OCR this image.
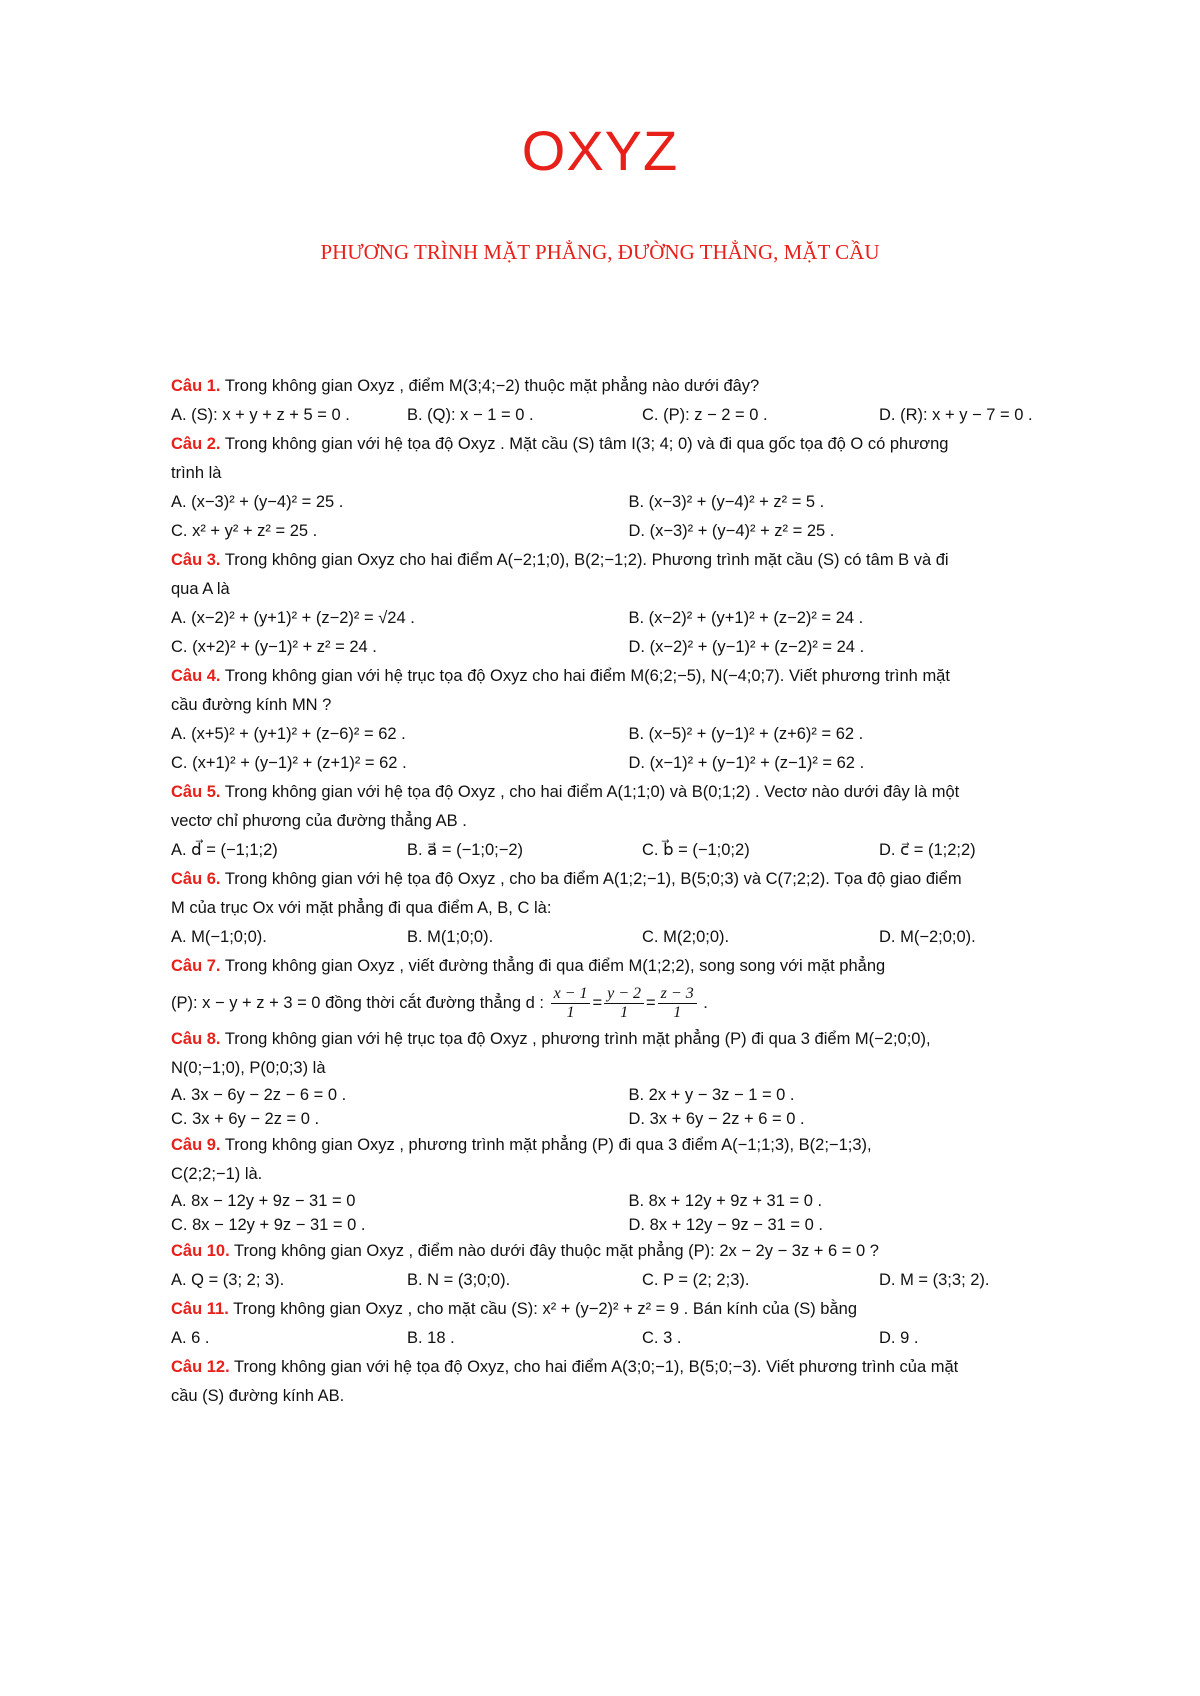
OXYZ
PHƯƠNG TRÌNH MẶT PHẲNG, ĐƯỜNG THẲNG, MẶT CẦU
Câu 1. Trong không gian Oxyz , điểm M(3;4;−2) thuộc mặt phẳng nào dưới đây?
A. (S): x + y + z + 5 = 0 .	B. (Q): x − 1 = 0 .	C. (P): z − 2 = 0 .	D. (R): x + y − 7 = 0 .
Câu 2. Trong không gian với hệ tọa độ Oxyz . Mặt cầu (S) tâm I(3; 4; 0) và đi qua gốc tọa độ O có phương
trình là
A. (x−3)² + (y−4)² = 25 .	B. (x−3)² + (y−4)² + z² = 5 .
C. x² + y² + z² = 25 .	D. (x−3)² + (y−4)² + z² = 25 .
Câu 3. Trong không gian Oxyz cho hai điểm A(−2;1;0), B(2;−1;2). Phương trình mặt cầu (S) có tâm B và đi
qua A là
A. (x−2)² + (y+1)² + (z−2)² = √24 .	B. (x−2)² + (y+1)² + (z−2)² = 24 .
C. (x+2)² + (y−1)² + z² = 24 .	D. (x−2)² + (y−1)² + (z−2)² = 24 .
Câu 4. Trong không gian với hệ trục tọa độ Oxyz cho hai điểm M(6;2;−5), N(−4;0;7). Viết phương trình mặt
cầu đường kính MN ?
A. (x+5)² + (y+1)² + (z−6)² = 62 .	B. (x−5)² + (y−1)² + (z+6)² = 62 .
C. (x+1)² + (y−1)² + (z+1)² = 62 .	D. (x−1)² + (y−1)² + (z−1)² = 62 .
Câu 5. Trong không gian với hệ tọa độ Oxyz , cho hai điểm A(1;1;0) và B(0;1;2) . Vectơ nào dưới đây là một
vectơ chỉ phương của đường thẳng AB .
A. d⃗ = (−1;1;2)	B. a⃗ = (−1;0;−2)	C. b⃗ = (−1;0;2)	D. c⃗ = (1;2;2)
Câu 6. Trong không gian với hệ tọa độ Oxyz , cho ba điểm A(1;2;−1), B(5;0;3) và C(7;2;2). Tọa độ giao điểm
M của trục Ox với mặt phẳng đi qua điểm A, B, C là:
A. M(−1;0;0).	B. M(1;0;0).	C. M(2;0;0).	D. M(−2;0;0).
Câu 7. Trong không gian Oxyz , viết đường thẳng đi qua điểm M(1;2;2), song song với mặt phẳng
(P): x − y + z + 3 = 0 đồng thời cắt đường thẳng d : $\frac{x - 1}{1} = \frac{y - 2}{1} = \frac{z - 3}{1}$ .
Câu 8. Trong không gian với hệ trục tọa độ Oxyz , phương trình mặt phẳng (P) đi qua 3 điểm M(−2;0;0),
N(0;−1;0), P(0;0;3) là
A. 3x − 6y − 2z − 6 = 0 .	B. 2x + y − 3z − 1 = 0 .
C. 3x + 6y − 2z = 0 .	D. 3x + 6y − 2z + 6 = 0 .
Câu 9. Trong không gian Oxyz , phương trình mặt phẳng (P) đi qua 3 điểm A(−1;1;3), B(2;−1;3),
C(2;2;−1) là.
A. 8x − 12y + 9z − 31 = 0	B. 8x + 12y + 9z + 31 = 0 .
C. 8x − 12y + 9z − 31 = 0 .	D. 8x + 12y − 9z − 31 = 0 .
Câu 10. Trong không gian Oxyz , điểm nào dưới đây thuộc mặt phẳng (P): 2x − 2y − 3z + 6 = 0 ?
A. Q = (3; 2; 3).	B. N = (3;0;0).	C. P = (2; 2;3).	D. M = (3;3; 2).
Câu 11. Trong không gian Oxyz , cho mặt cầu (S): x² + (y−2)² + z² = 9 . Bán kính của (S) bằng
A. 6 .	B. 18 .	C. 3 .	D. 9 .
Câu 12. Trong không gian với hệ tọa độ Oxyz, cho hai điểm A(3;0;−1), B(5;0;−3). Viết phương trình của mặt
cầu (S) đường kính AB.
